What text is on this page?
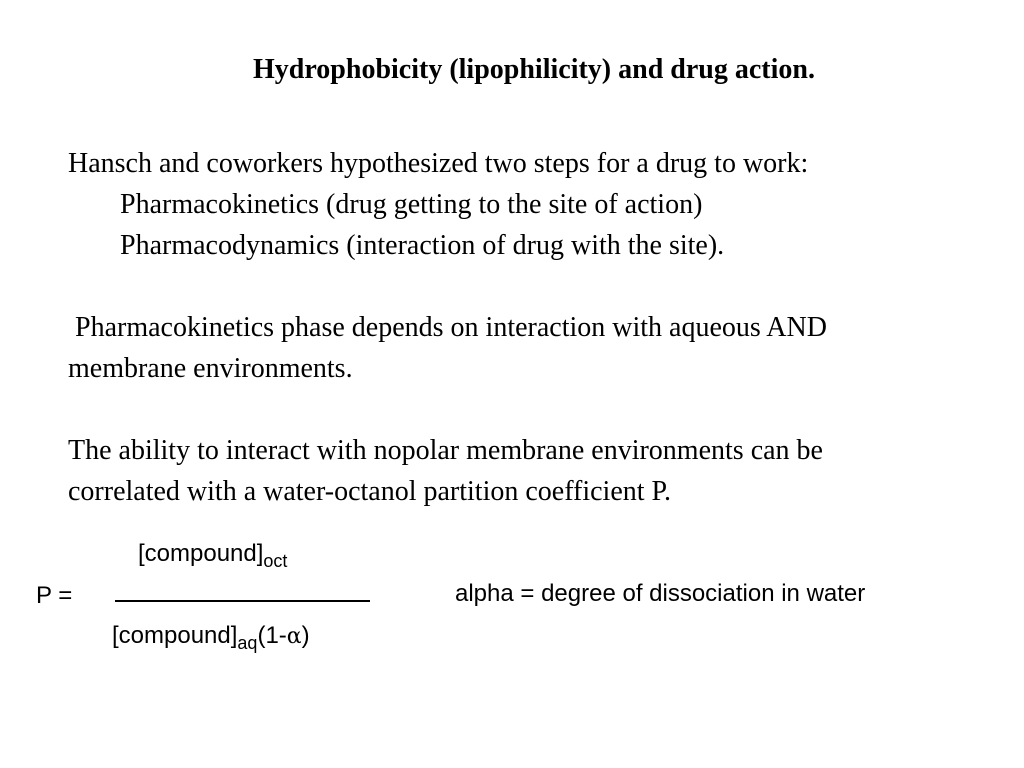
Hydrophobicity (lipophilicity) and drug action.
Hansch and coworkers hypothesized two steps for a drug to work:
Pharmacokinetics (drug getting to the site of action)
Pharmacodynamics (interaction of drug with the site).
Pharmacokinetics phase depends on interaction with aqueous AND
membrane environments.
The ability to interact with nopolar membrane environments can be
correlated with a water-octanol partition coefficient P.
$[compound]_{oct}$
P =
$[compound]_{aq}(1-\alpha)$
alpha = degree of dissociation in water
